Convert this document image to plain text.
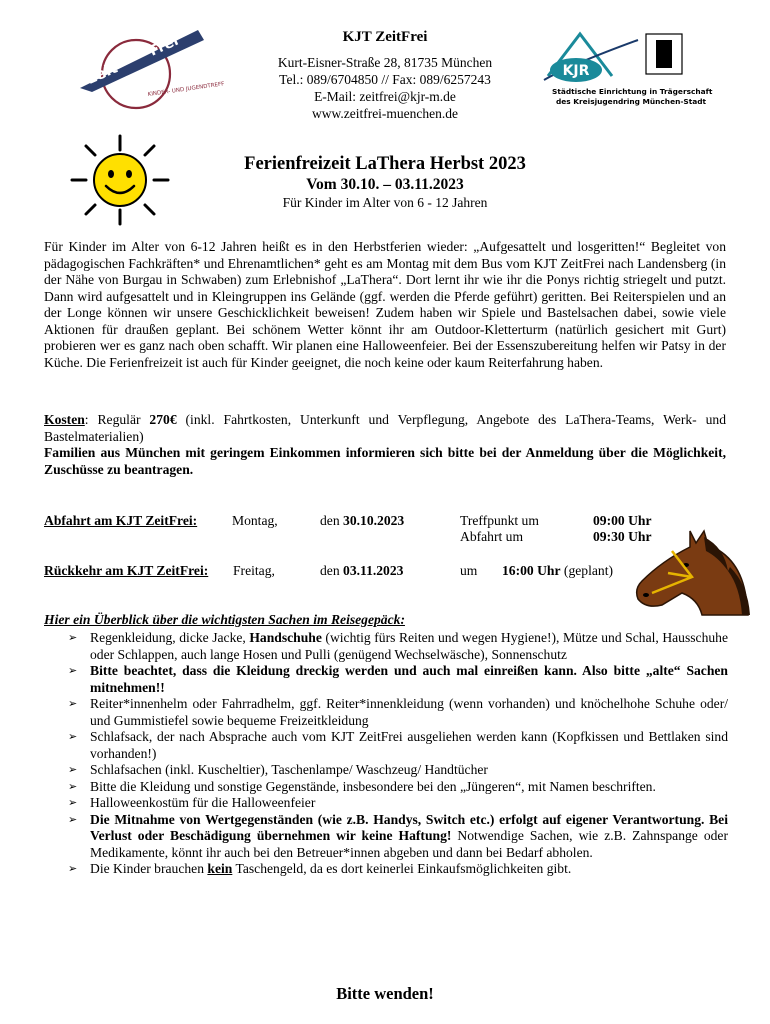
zeit
Frei
KINDER- UND JUGENDTREFF
KJT ZeitFrei
Kurt-Eisner-Straße 28, 81735 München
Tel.: 089/6704850 // Fax: 089/6257243
E-Mail: zeitfrei@kjr-m.de
www.zeitfrei-muenchen.de
KJR
Städtische Einrichtung in Trägerschaft
des Kreisjugendring München-Stadt
Ferienfreizeit LaThera Herbst 2023
Vom 30.10. – 03.11.2023
Für Kinder im Alter von 6 - 12 Jahren

Für Kinder im Alter von 6-12 Jahren heißt es in den Herbstferien wieder: „Aufgesattelt und losgeritten!“ Begleitet von pädagogischen Fachkräften* und Ehrenamtlichen* geht es am Montag mit dem Bus vom KJT ZeitFrei nach Landensberg (in der Nähe von Burgau in Schwaben) zum Erlebnishof „LaThera“. Dort lernt ihr wie ihr die Ponys richtig striegelt und putzt. Dann wird aufgesattelt und in Kleingruppen ins Gelände (ggf. werden die Pferde geführt) geritten. Bei Reiterspielen und an der Longe können wir unsere Geschicklichkeit beweisen! Zudem haben wir Spiele und Bastelsachen dabei, sowie viele Aktionen für draußen geplant. Bei schönem Wetter könnt ihr am Outdoor-Kletterturm (natürlich gesichert mit Gurt) probieren wer es ganz nach oben schafft. Wir planen eine Halloweenfeier. Bei der Essenszubereitung helfen wir Patsy in der Küche. Die Ferienfreizeit ist auch für Kinder geeignet, die noch keine oder kaum Reiterfahrung haben.

Kosten: Regulär 270€ (inkl. Fahrtkosten, Unterkunft und Verpflegung, Angebote des LaThera-Teams, Werk- und Bastelmaterialien)

Familien aus München mit geringem Einkommen informieren sich bitte bei der Anmeldung über die Möglichkeit, Zuschüsse zu beantragen.

Abfahrt am KJT ZeitFrei:	Montag,	den 30.10.2023	Treffpunkt um	09:00 Uhr
Abfahrt um	09:30 Uhr
Rückkehr am KJT ZeitFrei: Freitag,	den 03.11.2023	um 16:00 Uhr (geplant)
Hier ein Überblick über die wichtigsten Sachen im Reisegepäck:
➢ Regenkleidung, dicke Jacke, Handschuhe (wichtig fürs Reiten und wegen Hygiene!), Mütze und Schal, Hausschuhe oder Schlappen, auch lange Hosen und Pulli (genügend Wechselwäsche), Sonnenschutz
➢ Bitte beachtet, dass die Kleidung dreckig werden und auch mal einreißen kann. Also bitte „alte“ Sachen mitnehmen!!
➢ Reiter*innenhelm oder Fahrradhelm, ggf. Reiter*innenkleidung (wenn vorhanden) und knöchelhohe Schuhe oder/ und Gummistiefel sowie bequeme Freizeitkleidung
➢ Schlafsack, der nach Absprache auch vom KJT ZeitFrei ausgeliehen werden kann (Kopfkissen und Bettlaken sind vorhanden!)
➢ Schlafsachen (inkl. Kuscheltier), Taschenlampe/ Waschzeug/ Handtücher
➢ Bitte die Kleidung und sonstige Gegenstände, insbesondere bei den „Jüngeren“, mit Namen beschriften.
➢ Halloweenkostüm für die Halloweenfeier
➢ Die Mitnahme von Wertgegenständen (wie z.B. Handys, Switch etc.) erfolgt auf eigener Verantwortung. Bei Verlust oder Beschädigung übernehmen wir keine Haftung! Notwendige Sachen, wie z.B. Zahnspange oder Medikamente, könnt ihr auch bei den Betreuer*innen abgeben und dann bei Bedarf abholen.
➢ Die Kinder brauchen kein Taschengeld, da es dort keinerlei Einkaufsmöglichkeiten gibt.
Bitte wenden!
